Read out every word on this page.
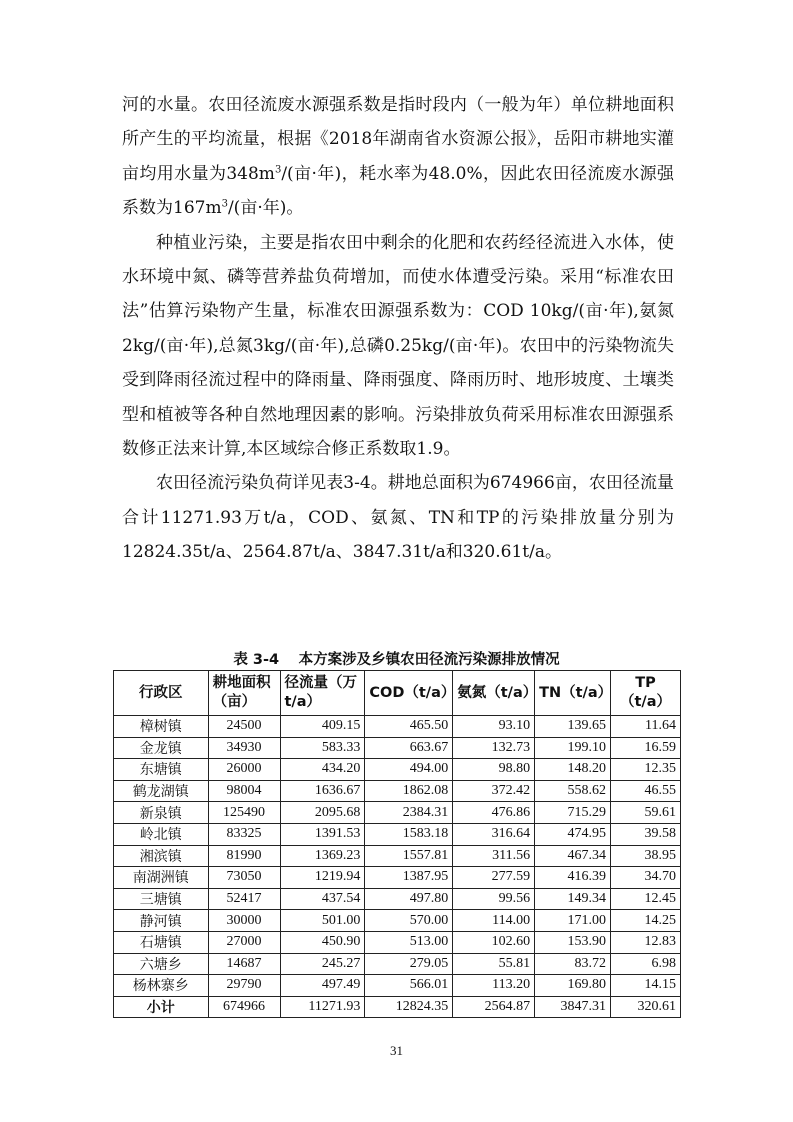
河的水量。农田径流废水源强系数是指时段内（一般为年）单位耕地面积所产生的平均流量，根据《2018年湖南省水资源公报》，岳阳市耕地实灌亩均用水量为$348m^3/$(亩·年)，耗水率为48.0%，因此农田径流废水源强系数为$167m^3/$(亩·年)。

种植业污染，主要是指农田中剩余的化肥和农药经径流进入水体，使水环境中氮、磷等营养盐负荷增加，而使水体遭受污染。采用“标准农田法”估算污染物产生量，标准农田源强系数为：COD 10kg/(亩·年),氨氮2kg/(亩·年),总氮3kg/(亩·年),总磷0.25kg/(亩·年)。农田中的污染物流失受到降雨径流过程中的降雨量、降雨强度、降雨历时、地形坡度、土壤类型和植被等各种自然地理因素的影响。污染排放负荷采用标准农田源强系数修正法来计算,本区域综合修正系数取1.9。

农田径流污染负荷详见表3-4。耕地总面积为674966亩，农田径流量合计11271.93万t/a，COD、氨氮、TN和TP的污染排放量分别为12824.35t/a、2564.87t/a、3847.31t/a和320.61t/a。

表 3-4　 本方案涉及乡镇农田径流污染源排放情况
行政区	耕地面积（亩）	径流量（万t/a）	COD（t/a）	氨氮（t/a）	TN（t/a）	TP（t/a）
樟树镇	24500	409.15	465.50	93.10	139.65	11.64
金龙镇	34930	583.33	663.67	132.73	199.10	16.59
东塘镇	26000	434.20	494.00	98.80	148.20	12.35
鹤龙湖镇	98004	1636.67	1862.08	372.42	558.62	46.55
新泉镇	125490	2095.68	2384.31	476.86	715.29	59.61
岭北镇	83325	1391.53	1583.18	316.64	474.95	39.58
湘滨镇	81990	1369.23	1557.81	311.56	467.34	38.95
南湖洲镇	73050	1219.94	1387.95	277.59	416.39	34.70
三塘镇	52417	437.54	497.80	99.56	149.34	12.45
静河镇	30000	501.00	570.00	114.00	171.00	14.25
石塘镇	27000	450.90	513.00	102.60	153.90	12.83
六塘乡	14687	245.27	279.05	55.81	83.72	6.98
杨林寨乡	29790	497.49	566.01	113.20	169.80	14.15
小计	674966	11271.93	12824.35	2564.87	3847.31	320.61
31
